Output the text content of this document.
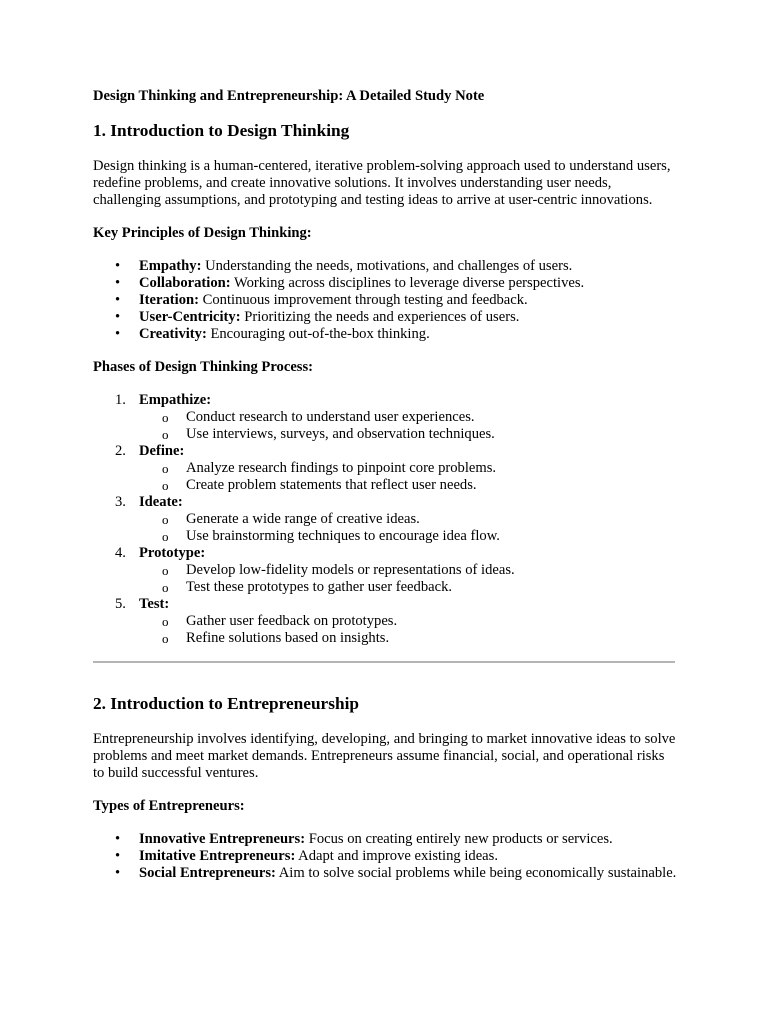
Design Thinking and Entrepreneurship: A Detailed Study Note
1. Introduction to Design Thinking

Design thinking is a human-centered, iterative problem-solving approach used to understand users, redefine problems, and create innovative solutions. It involves understanding user needs, challenging assumptions, and prototyping and testing ideas to arrive at user-centric innovations.

Key Principles of Design Thinking:
• Empathy: Understanding the needs, motivations, and challenges of users.
• Collaboration: Working across disciplines to leverage diverse perspectives.
• Iteration: Continuous improvement through testing and feedback.
• User-Centricity: Prioritizing the needs and experiences of users.
• Creativity: Encouraging out-of-the-box thinking.
Phases of Design Thinking Process:
1. Empathize:
o Conduct research to understand user experiences.
o Use interviews, surveys, and observation techniques.
2. Define:
o Analyze research findings to pinpoint core problems.
o Create problem statements that reflect user needs.
3. Ideate:
o Generate a wide range of creative ideas.
o Use brainstorming techniques to encourage idea flow.
4. Prototype:
o Develop low-fidelity models or representations of ideas.
o Test these prototypes to gather user feedback.
5. Test:
o Gather user feedback on prototypes.
o Refine solutions based on insights.
2. Introduction to Entrepreneurship

Entrepreneurship involves identifying, developing, and bringing to market innovative ideas to solve problems and meet market demands. Entrepreneurs assume financial, social, and operational risks to build successful ventures.

Types of Entrepreneurs:
• Innovative Entrepreneurs: Focus on creating entirely new products or services.
• Imitative Entrepreneurs: Adapt and improve existing ideas.
• Social Entrepreneurs: Aim to solve social problems while being economically sustainable.
